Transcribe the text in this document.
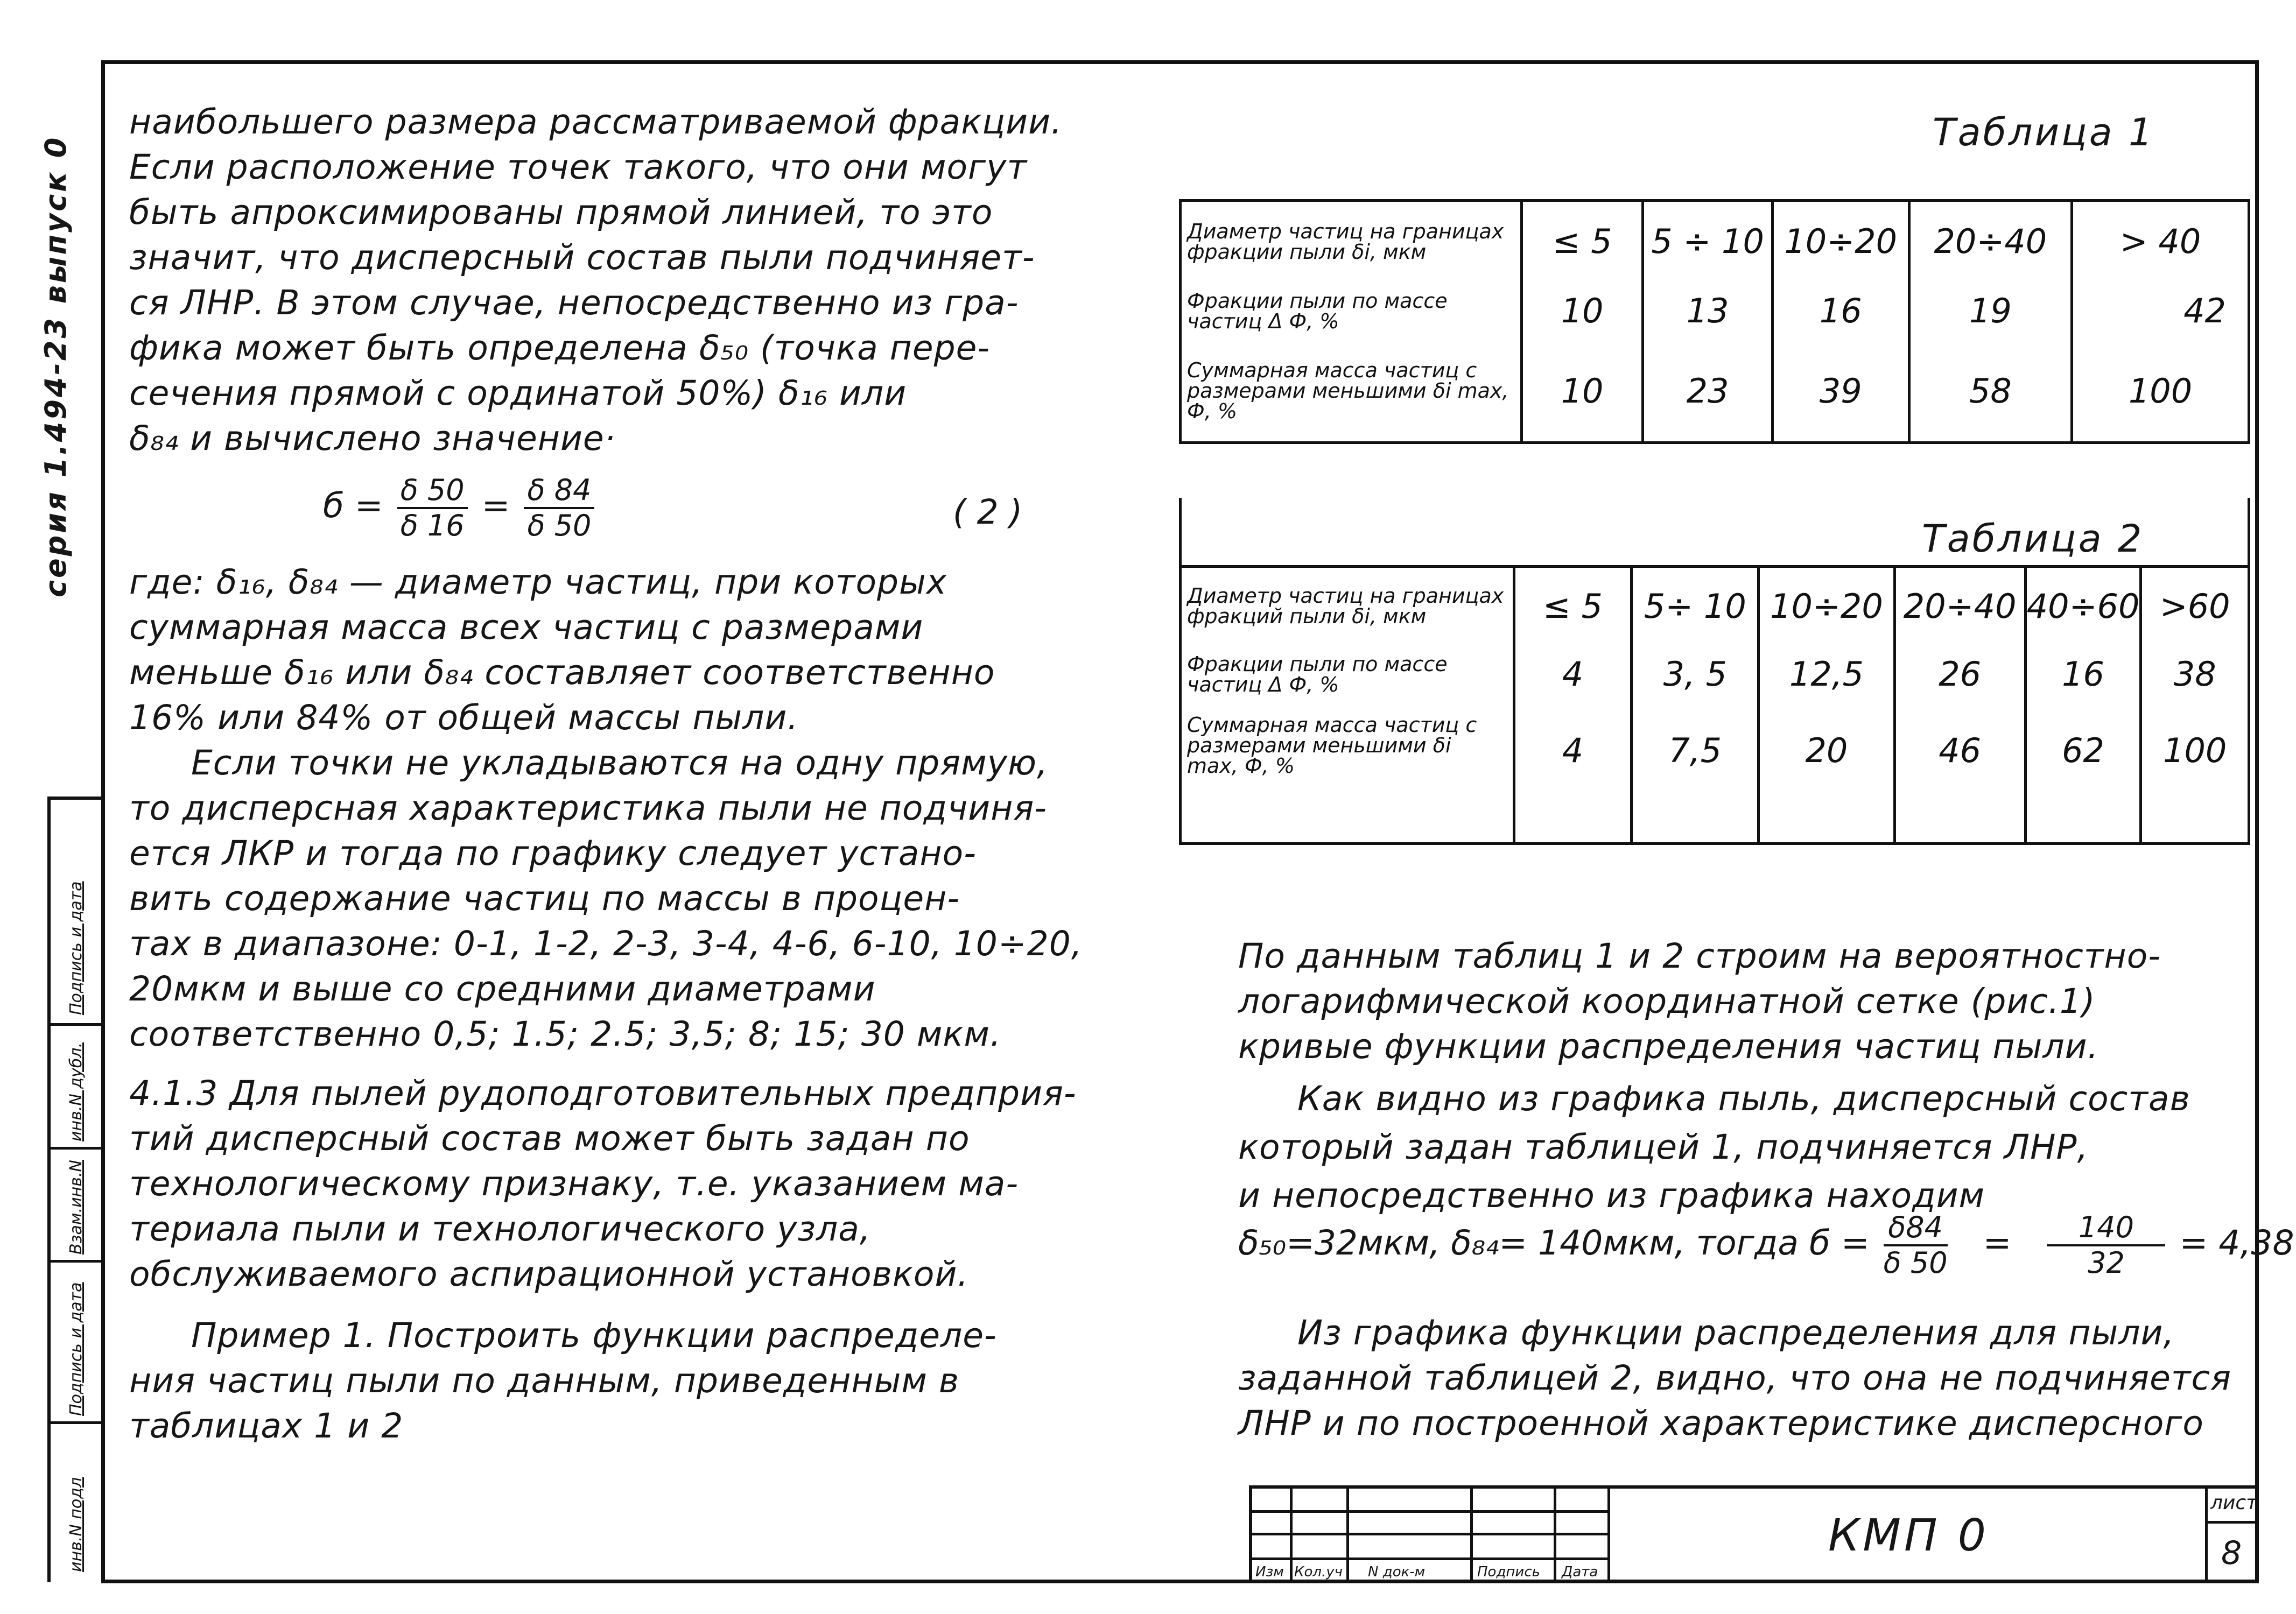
серия 1.494-23 выпуск 0
Подпись и дата
инв.N дубл.
Взам.инв.N
Подпись и дата
инв.N подл
наибольшего размера рассматриваемой фракции.
Если расположение точек такого, что они могут
быть апроксимированы прямой линией, то это
значит, что дисперсный состав пыли подчиняет-
ся ЛНР. В этом случае, непосредственно из гра-
фика может быть определена δ₅₀ (точка пере-
сечения прямой с ординатой 50%) δ₁₆ или
δ₈₄ и вычислено значение·
$б = \frac{\delta 50}{\delta 16} = \frac{\delta 84}{\delta 50}$	( 2 )
где: δ₁₆, δ₈₄ — диаметр частиц, при которых
суммарная масса всех частиц с размерами
меньше δ₁₆ или δ₈₄ составляет соответственно
16% или 84% от общей массы пыли.
Если точки не укладываются на одну прямую,
то дисперсная характеристика пыли не подчиня-
ется ЛКР и тогда по графику следует устано-
вить содержание частиц по массы в процен-
тах в диапазоне: 0-1, 1-2, 2-3, 3-4, 4-6, 6-10, 10÷20,
20мкм и выше со средними диаметрами
соответственно 0,5; 1.5; 2.5; 3,5; 8; 15; 30 мкм.
4.1.3 Для пылей рудоподготовительных предприя-
тий дисперсный состав может быть задан по
технологическому признаку, т.е. указанием ма-
териала пыли и технологического узла,
обслуживаемого аспирационной установкой.
Пример 1. Построить функции распределе-
ния частиц пыли по данным, приведенным в
таблицах 1 и 2
Таблица 1
Диаметр частиц на границах фракции пыли δi, мкм	≤ 5	5 ÷ 10	10÷20	20÷40	> 40
Фракции пыли по массе частиц Δ Ф, %	10	13	16	19	42
Суммарная масса частиц с размерами меньшими δi max, Ф, %	10	23	39	58	100
Таблица 2
Диаметр частиц на границах фракций пыли δi, мкм	≤ 5	5÷ 10	10÷20	20÷40	40÷60	>60
Фракции пыли по массе частиц Δ Ф, %	4	3, 5	12,5	26	16	38
Суммарная масса частиц с размерами меньшими δi max, Ф, %	4	7,5	20	46	62	100
По данным таблиц 1 и 2 строим на вероятностно-
логарифмической координатной сетке (рис.1)
кривые функции распределения частиц пыли.
Как видно из графика пыль, дисперсный состав
который задан таблицей 1, подчиняется ЛНР,
и непосредственно из графика находим
δ₅₀=32мкм, δ₈₄= 140мкм, тогда $б = \frac{\delta 84}{\delta 50} = \frac{140}{32} = 4,38$
Из графика функции распределения для пыли,
заданной таблицей 2, видно, что она не подчиняется
ЛНР и по построенной характеристике дисперсного
Изм Кол.уч N док-м	Подпись Дата
КМП 0
лист
8
